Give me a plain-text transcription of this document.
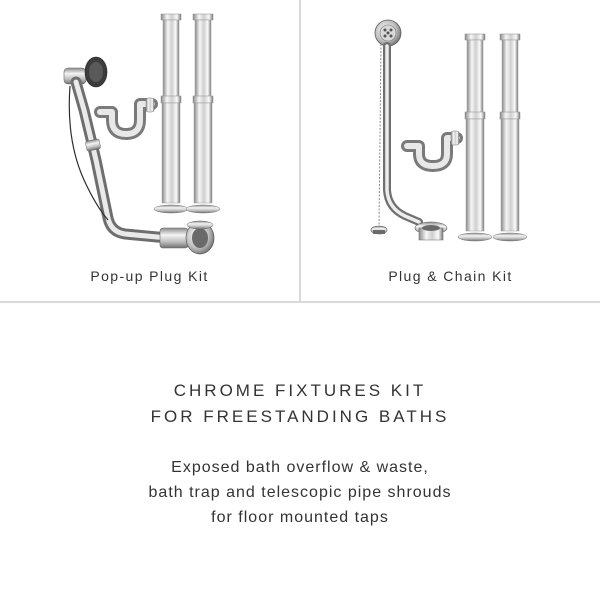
Pop-up Plug Kit	Plug & Chain Kit
CHROME FIXTURES KIT
FOR FREESTANDING BATHS
Exposed bath overflow & waste,
bath trap and telescopic pipe shrouds
for floor mounted taps
